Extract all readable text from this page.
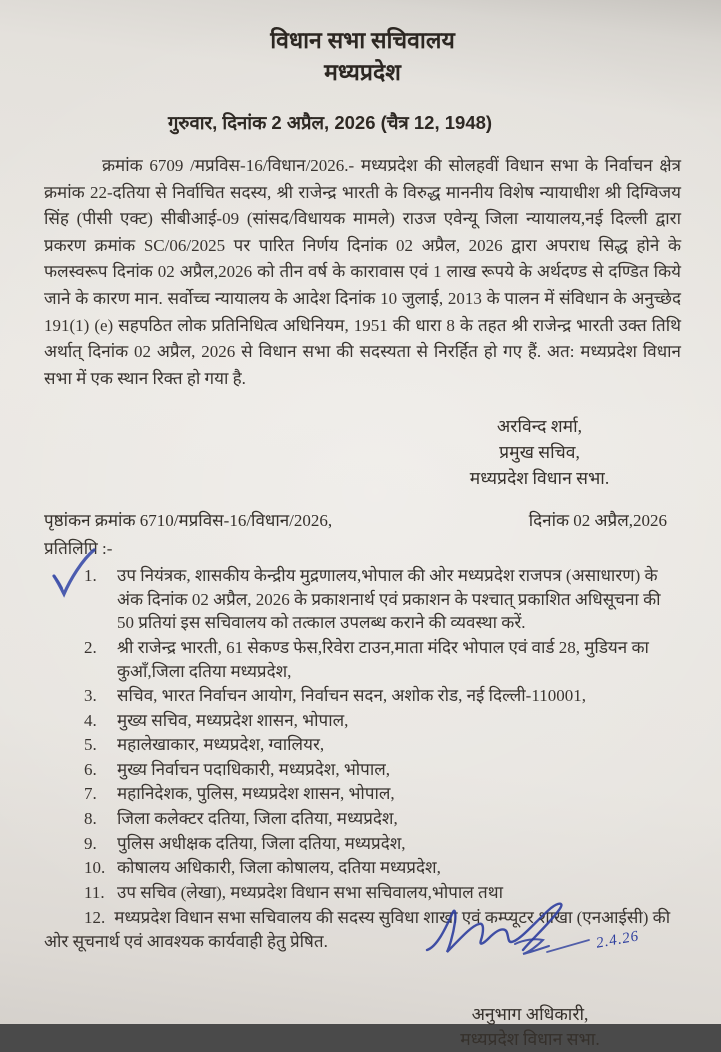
विधान सभा सचिवालय
मध्यप्रदेश
गुरुवार, दिनांक 2 अप्रैल, 2026 (चैत्र 12, 1948)

क्रमांक 6709 /मप्रविस-16/विधान/2026.- मध्यप्रदेश की सोलहवीं विधान सभा के निर्वाचन क्षेत्र क्रमांक 22-दतिया से निर्वाचित सदस्य, श्री राजेन्द्र भारती के विरुद्ध माननीय विशेष न्यायाधीश श्री दिग्विजय सिंह (पीसी एक्ट) सीबीआई-09 (सांसद/विधायक मामले) राउज एवेन्यू जिला न्यायालय,नई दिल्ली द्वारा प्रकरण क्रमांक SC/06/2025 पर पारित निर्णय दिनांक 02 अप्रैल, 2026 द्वारा अपराध सिद्ध होने के फलस्वरूप दिनांक 02 अप्रैल,2026 को तीन वर्ष के कारावास एवं 1 लाख रूपये के अर्थदण्ड से दण्डित किये जाने के कारण मान. सर्वोच्च न्यायालय के आदेश दिनांक 10 जुलाई, 2013 के पालन में संविधान के अनुच्छेद 191(1) (e) सहपठित लोक प्रतिनिधित्व अधिनियम, 1951 की धारा 8 के तहत श्री राजेन्द्र भारती उक्त तिथि अर्थात् दिनांक 02 अप्रैल, 2026 से विधान सभा की सदस्यता से निरर्हित हो गए हैं. अत: मध्यप्रदेश विधान सभा में एक स्थान रिक्त हो गया है.

अरविन्द शर्मा,
प्रमुख सचिव,
मध्यप्रदेश विधान सभा.
पृष्ठांकन क्रमांक 6710/मप्रविस-16/विधान/2026,	दिनांक 02 अप्रैल,2026
प्रतिलिपि :-
1.	उप नियंत्रक, शासकीय केन्द्रीय मुद्रणालय,भोपाल की ओर मध्यप्रदेश राजपत्र (असाधारण) के अंक दिनांक 02 अप्रैल, 2026 के प्रकाशनार्थ एवं प्रकाशन के पश्चात् प्रकाशित अधिसूचना की 50 प्रतियां इस सचिवालय को तत्काल उपलब्ध कराने की व्यवस्था करें.
2.	श्री राजेन्द्र भारती, 61 सेकण्ड फेस,रिवेरा टाउन,माता मंदिर भोपाल एवं वार्ड 28, मुडियन का कुआँ,जिला दतिया मध्यप्रदेश,
3.	सचिव, भारत निर्वाचन आयोग, निर्वाचन सदन, अशोक रोड, नई दिल्ली-110001,
4.	मुख्य सचिव, मध्यप्रदेश शासन, भोपाल,
5.	महालेखाकार, मध्यप्रदेश, ग्वालियर,
6.	मुख्य निर्वाचन पदाधिकारी, मध्यप्रदेश, भोपाल,
7.	महानिदेशक, पुलिस, मध्यप्रदेश शासन, भोपाल,
8.	जिला कलेक्टर दतिया, जिला दतिया, मध्यप्रदेश,
9.	पुलिस अधीक्षक दतिया, जिला दतिया, मध्यप्रदेश,
10. कोषालय अधिकारी, जिला कोषालय, दतिया मध्यप्रदेश,
11. उप सचिव (लेखा), मध्यप्रदेश विधान सभा सचिवालय,भोपाल तथा

12. मध्यप्रदेश विधान सभा सचिवालय की सदस्य सुविधा शाखा एवं कम्प्यूटर शाखा (एनआईसी) की ओर सूचनार्थ एवं आवश्यक कार्यवाही हेतु प्रेषित.	2.4.26
अनुभाग अधिकारी,
मध्यप्रदेश विधान सभा.
